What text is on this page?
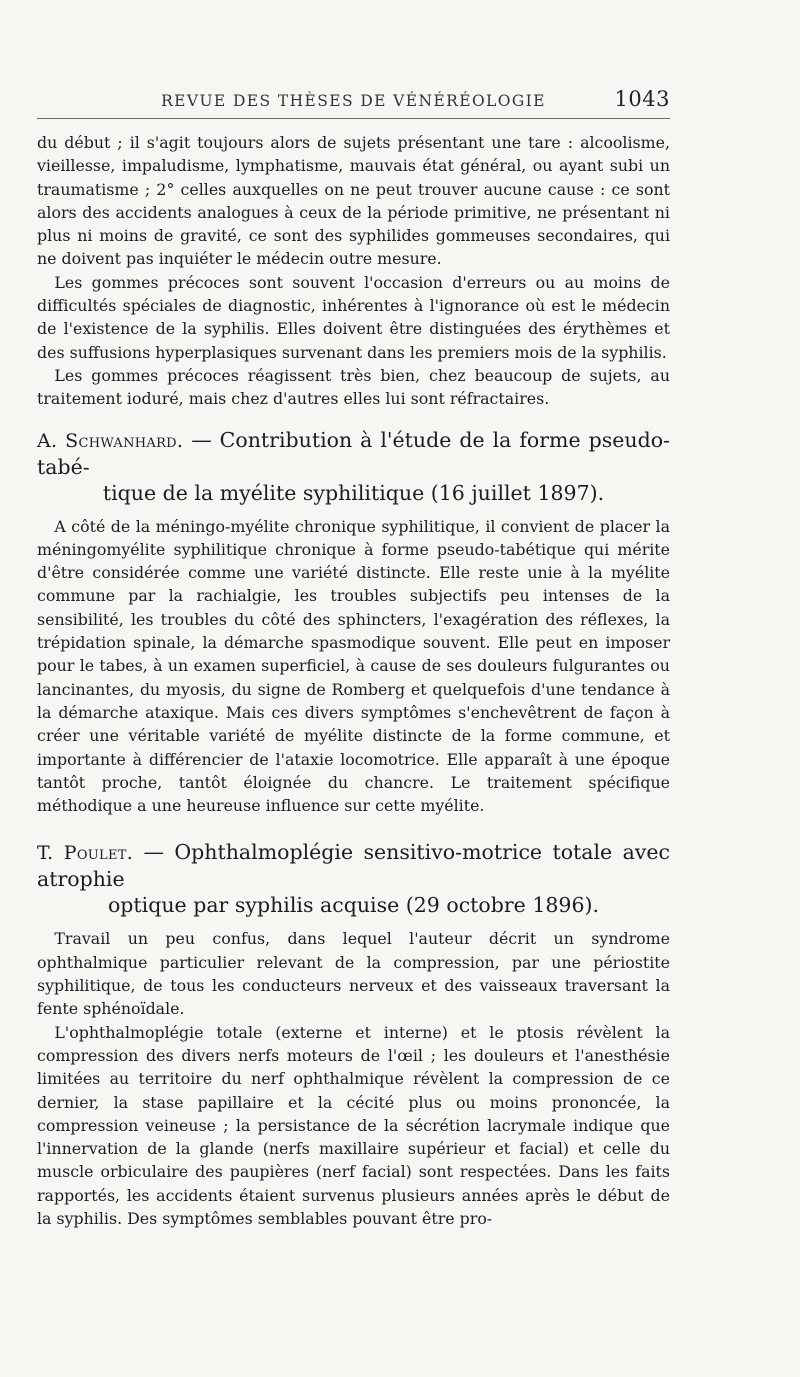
REVUE DES THÈSES DE VÉNÉRÉOLOGIE	1043

du début ; il s'agit toujours alors de sujets présentant une tare : alcoolisme, vieillesse, impaludisme, lymphatisme, mauvais état général, ou ayant subi un traumatisme ; 2° celles auxquelles on ne peut trouver aucune cause : ce sont alors des accidents analogues à ceux de la période primitive, ne présentant ni plus ni moins de gravité, ce sont des syphilides gommeuses secondaires, qui ne doivent pas inquiéter le médecin outre mesure.

Les gommes précoces sont souvent l'occasion d'erreurs ou au moins de difficultés spéciales de diagnostic, inhérentes à l'ignorance où est le médecin de l'existence de la syphilis. Elles doivent être distinguées des érythèmes et des suffusions hyperplasiques survenant dans les premiers mois de la syphilis.

Les gommes précoces réagissent très bien, chez beaucoup de sujets, au traitement ioduré, mais chez d'autres elles lui sont réfractaires.

A. Schwanhard. — Contribution à l'étude de la forme pseudo-tabé-
tique de la myélite syphilitique (16 juillet 1897).

A côté de la méningo-myélite chronique syphilitique, il convient de placer la méningomyélite syphilitique chronique à forme pseudo-tabétique qui mérite d'être considérée comme une variété distincte. Elle reste unie à la myélite commune par la rachialgie, les troubles subjectifs peu intenses de la sensibilité, les troubles du côté des sphincters, l'exagération des réflexes, la trépidation spinale, la démarche spasmodique souvent. Elle peut en imposer pour le tabes, à un examen superficiel, à cause de ses douleurs fulgurantes ou lancinantes, du myosis, du signe de Romberg et quelquefois d'une tendance à la démarche ataxique. Mais ces divers symptômes s'enchevêtrent de façon à créer une véritable variété de myélite distincte de la forme commune, et importante à différencier de l'ataxie locomotrice. Elle apparaît à une époque tantôt proche, tantôt éloignée du chancre. Le traitement spécifique méthodique a une heureuse influence sur cette myélite.

T. Poulet. — Ophthalmoplégie sensitivo-motrice totale avec atrophie
optique par syphilis acquise (29 octobre 1896).

Travail un peu confus, dans lequel l'auteur décrit un syndrome ophthalmique particulier relevant de la compression, par une périostite syphilitique, de tous les conducteurs nerveux et des vaisseaux traversant la fente sphénoïdale.

L'ophthalmoplégie totale (externe et interne) et le ptosis révèlent la compression des divers nerfs moteurs de l'œil ; les douleurs et l'anesthésie limitées au territoire du nerf ophthalmique révèlent la compression de ce dernier, la stase papillaire et la cécité plus ou moins prononcée, la compression veineuse ; la persistance de la sécrétion lacrymale indique que l'innervation de la glande (nerfs maxillaire supérieur et facial) et celle du muscle orbiculaire des paupières (nerf facial) sont respectées. Dans les faits rapportés, les accidents étaient survenus plusieurs années après le début de la syphilis. Des symptômes semblables pouvant être pro-
